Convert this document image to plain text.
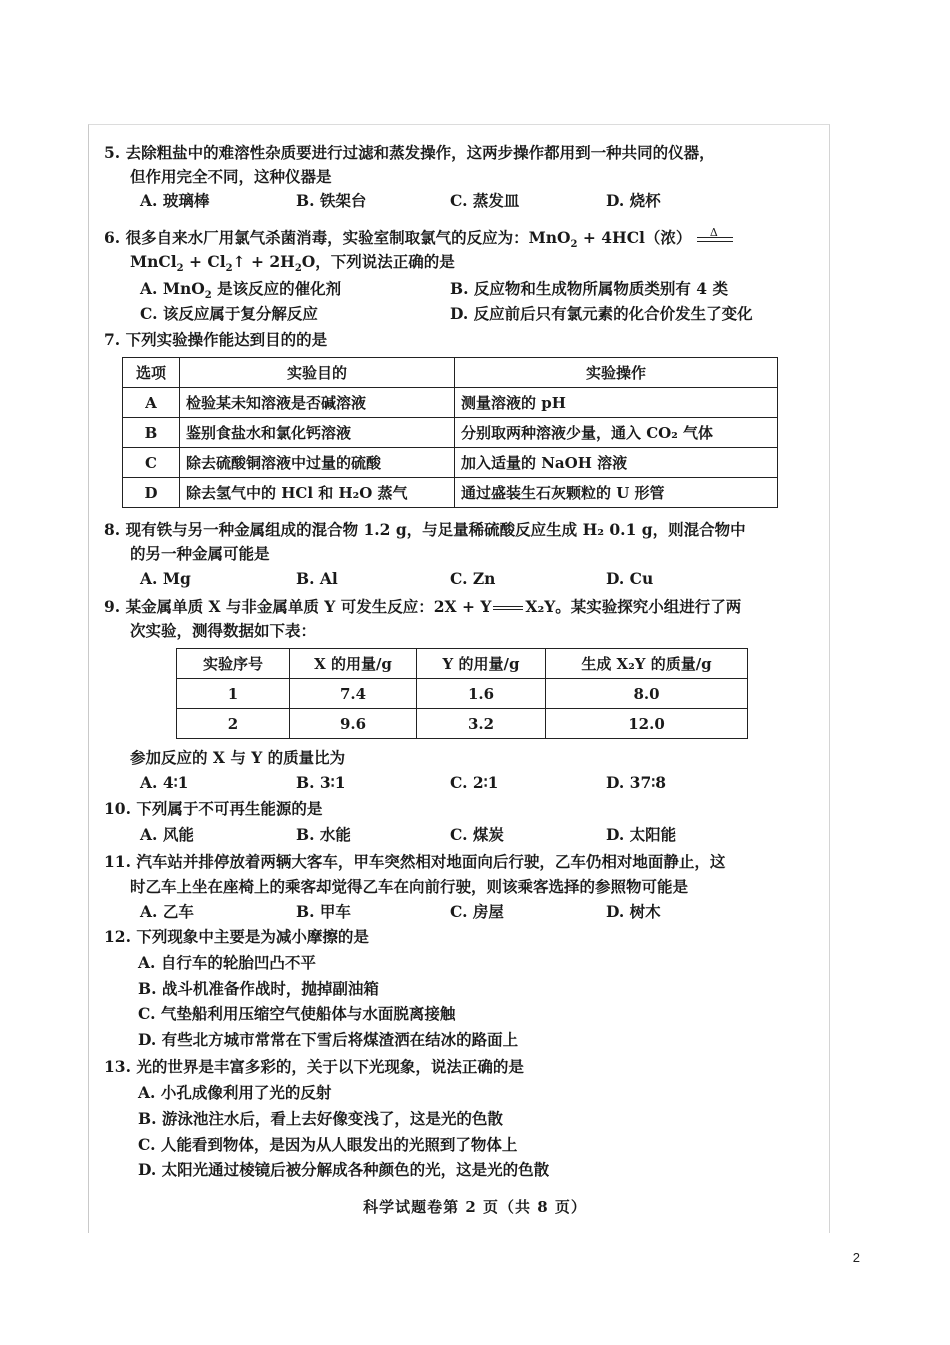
5. 去除粗盐中的难溶性杂质要进行过滤和蒸发操作，这两步操作都用到一种共同的仪器，
但作用完全不同，这种仪器是
A. 玻璃棒	B. 铁架台	C. 蒸发皿	D. 烧杯
6. 很多自来水厂用氯气杀菌消毒，实验室制取氯气的反应为：MnO$_2$ + 4HCl（浓） Δ
MnCl$_2$ + $Cl_2↑ + 2H_2O$，下列说法正确的是
A. MnO$_2$ 是该反应的催化剂	B. 反应物和生成物所属物质类别有 4 类
C. 该反应属于复分解反应	D. 反应前后只有氯元素的化合价发生了变化
7. 下列实验操作能达到目的的是
选项	实验目的	实验操作
A	检验某未知溶液是否碱溶液	测量溶液的 pH
B	鉴别食盐水和氯化钙溶液	分别取两种溶液少量，通入 CO₂ 气体
C	除去硫酸铜溶液中过量的硫酸	加入适量的 NaOH 溶液
D	除去氢气中的 HCl 和 H₂O 蒸气	通过盛装生石灰颗粒的 U 形管
8. 现有铁与另一种金属组成的混合物 1.2 g，与足量稀硫酸反应生成 H₂ 0.1 g，则混合物中
的另一种金属可能是
A. Mg	B. Al	C. Zn	D. Cu
9. 某金属单质 X 与非金属单质 Y 可发生反应：2X + Y X₂Y。某实验探究小组进行了两
次实验，测得数据如下表：
实验序号	X 的用量/g	Y 的用量/g	生成 X₂Y 的质量/g
1	7.4	1.6	8.0
2	9.6	3.2	12.0
参加反应的 X 与 Y 的质量比为
A. 4∶1	B. 3∶1	C. 2∶1	D. 37∶8
10. 下列属于不可再生能源的是
A. 风能	B. 水能	C. 煤炭	D. 太阳能
11. 汽车站并排停放着两辆大客车，甲车突然相对地面向后行驶，乙车仍相对地面静止，这
时乙车上坐在座椅上的乘客却觉得乙车在向前行驶，则该乘客选择的参照物可能是
A. 乙车	B. 甲车	C. 房屋	D. 树木
12. 下列现象中主要是为减小摩擦的是
A. 自行车的轮胎凹凸不平
B. 战斗机准备作战时，抛掉副油箱
C. 气垫船利用压缩空气使船体与水面脱离接触
D. 有些北方城市常常在下雪后将煤渣洒在结冰的路面上
13. 光的世界是丰富多彩的，关于以下光现象，说法正确的是
A. 小孔成像利用了光的反射
B. 游泳池注水后，看上去好像变浅了，这是光的色散
C. 人能看到物体，是因为从人眼发出的光照到了物体上
D. 太阳光通过棱镜后被分解成各种颜色的光，这是光的色散
科学试题卷第 2 页（共 8 页）
2
